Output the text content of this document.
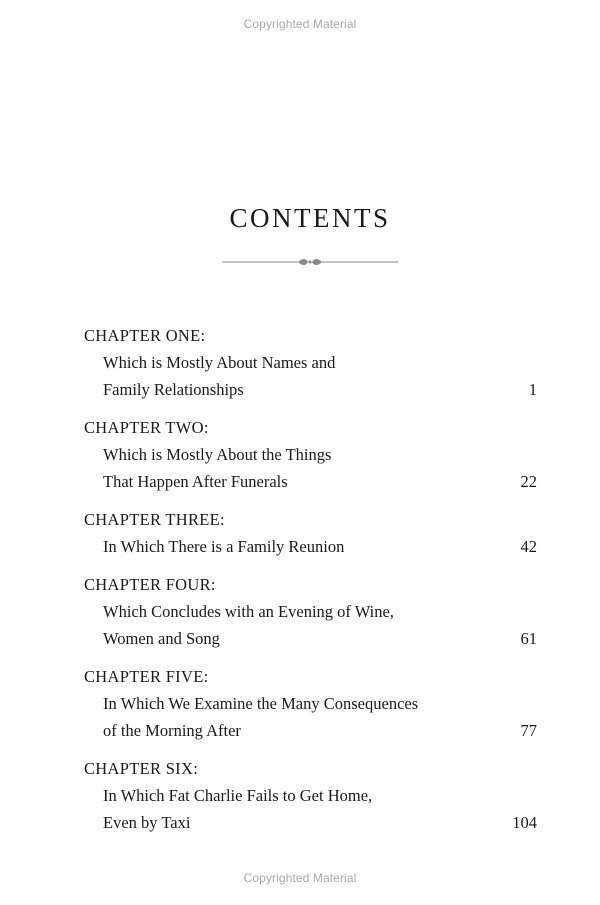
Copyrighted Material
CONTENTS
CHAPTER ONE:
Which is Mostly About Names and
Family Relationships	1
CHAPTER TWO:
Which is Mostly About the Things
That Happen After Funerals	22
CHAPTER THREE:
In Which There is a Family Reunion	42
CHAPTER FOUR:
Which Concludes with an Evening of Wine,
Women and Song	61
CHAPTER FIVE:
In Which We Examine the Many Consequences
of the Morning After	77
CHAPTER SIX:
In Which Fat Charlie Fails to Get Home,
Even by Taxi	104
Copyrighted Material
